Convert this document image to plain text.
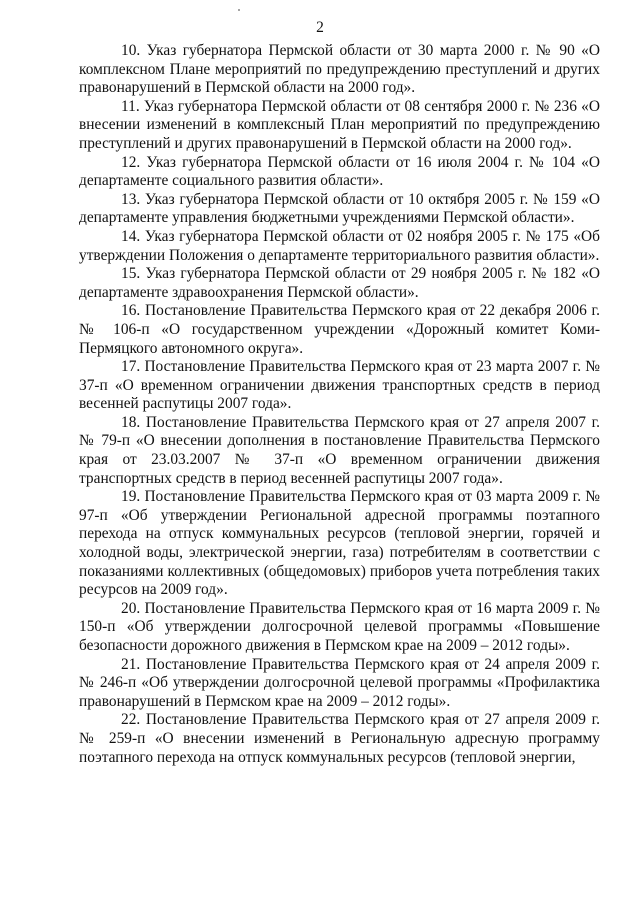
2

10. Указ губернатора Пермской области от 30 марта 2000 г. № 90 «О комплексном Плане мероприятий по предупреждению преступлений и других правонарушений в Пермской области на 2000 год».

11. Указ губернатора Пермской области от 08 сентября 2000 г. № 236 «О внесении изменений в комплексный План мероприятий по предупреждению преступлений и других правонарушений в Пермской области на 2000 год».

12. Указ губернатора Пермской области от 16 июля 2004 г. № 104 «О департаменте социального развития области».

13. Указ губернатора Пермской области от 10 октября 2005 г. № 159 «О департаменте управления бюджетными учреждениями Пермской области».

14. Указ губернатора Пермской области от 02 ноября 2005 г. № 175 «Об утверждении Положения о департаменте территориального развития области».

15. Указ губернатора Пермской области от 29 ноября 2005 г. № 182 «О департаменте здравоохранения Пермской области».

16. Постановление Правительства Пермского края от 22 декабря 2006 г. № 106-п «О государственном учреждении «Дорожный комитет Коми-Пермяцкого автономного округа».

17. Постановление Правительства Пермского края от 23 марта 2007 г. № 37-п «О временном ограничении движения транспортных средств в период весенней распутицы 2007 года».

18. Постановление Правительства Пермского края от 27 апреля 2007 г. № 79-п «О внесении дополнения в постановление Правительства Пермского края от 23.03.2007 № 37-п «О временном ограничении движения транспортных средств в период весенней распутицы 2007 года».

19. Постановление Правительства Пермского края от 03 марта 2009 г. № 97-п «Об утверждении Региональной адресной программы поэтапного перехода на отпуск коммунальных ресурсов (тепловой энергии, горячей и холодной воды, электрической энергии, газа) потребителям в соответствии с показаниями коллективных (общедомовых) приборов учета потребления таких ресурсов на 2009 год».

20. Постановление Правительства Пермского края от 16 марта 2009 г. № 150-п «Об утверждении долгосрочной целевой программы «Повышение безопасности дорожного движения в Пермском крае на 2009 – 2012 годы».

21. Постановление Правительства Пермского края от 24 апреля 2009 г. № 246-п «Об утверждении долгосрочной целевой программы «Профилактика правонарушений в Пермском крае на 2009 – 2012 годы».

22. Постановление Правительства Пермского края от 27 апреля 2009 г. № 259-п «О внесении изменений в Региональную адресную программу поэтапного перехода на отпуск коммунальных ресурсов (тепловой энергии,
